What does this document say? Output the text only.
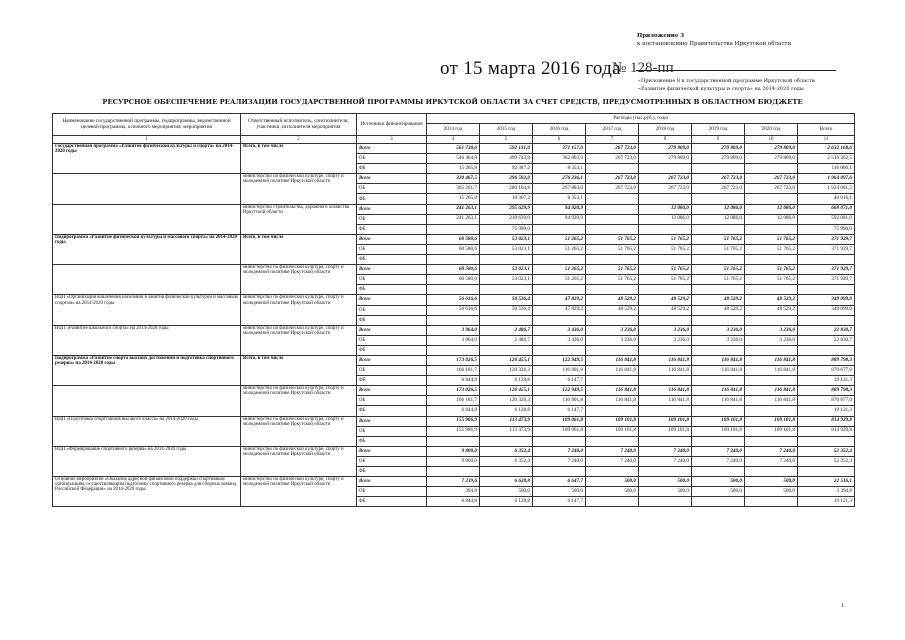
Приложение 3
к постановлению Правительства Иркутской области
от 15 марта 2016 года
№ 128-пп
«Приложение 8 к государственной программе Иркутской области
«Развитие физической культуры и спорта» на 2014-2020 годы
РЕСУРСНОЕ ОБЕСПЕЧЕНИЕ РЕАЛИЗАЦИИ ГОСУДАРСТВЕННОЙ ПРОГРАММЫ ИРКУТСКОЙ ОБЛАСТИ ЗА СЧЕТ СРЕДСТВ, ПРЕДУСМОТРЕННЫХ В ОБЛАСТНОМ БЮДЖЕТЕ
Наименование государственной программы, подпрограммы, ведомственной целевой программы, основного мероприятия, мероприятия	Ответственный исполнитель, соисполнители, участники, исполнители мероприятия	Источники финансирования	Расходы (тыс.руб.), годы							
			2014 год	2015 год	2016 год	2017 год	2018 год	2019 год	2020 год	Всего
1	2	3	4	5	6	7	8	9	10	11
Государственная программа «Развитие физической культуры и спорта» на 2014-2020 годы	Всего, в том числе	Всего	561 730,6	592 131,0	371 157,0	267 723,0	279 809,0	279 809,0	279 809,0	2 632 168,6
		ОБ	546 464,8	499 743,8	362 803,9	267 723,0	279 809,0	279 809,0	279 809,0	2 516 362,5
		ФБ	15 265,8	92 387,2	8 353,1					116 006,1
	министерство по физической культуре, спорту и молодежной политике Иркутской области	Всего	320 467,5	296 592,0	276 236,1	267 723,0	267 723,0	267 723,0	267 723,0	1 964 097,6
		ОБ	305 201,7	280 104,8	267 883,0	267 723,0	267 723,0	267 723,0	267 723,0	1 924 081,5
		ФБ	15 265,8	16 307,2	8 353,1					40 016,1
	министерство строительства, дорожного хозяйства Иркутской области	Всего	241 263,1	295 629,9	94 920,9		12 086,0	12 086,0	12 086,0	668 071,0
		ОБ	241 263,1	219 639,0	94 920,9		12 086,0	12 086,0	12 086,0	592 081,0
		ФБ		75 990,0						75 990,0
Подпрограмма «Развитие физической культуры и массового спорта» на 2014-2020 годы	Всего, в том числе	Всего	60 580,6	53 023,1	51 265,2	51 765,2	51 765,2	51 765,2	51 765,2	371 929,7
		ОБ	60 580,6	53 023,1	51 265,2	51 765,2	51 765,2	51 765,2	51 765,2	371 929,7
		ФБ								
	министерство по физической культуре, спорту и молодежной политике Иркутской области	Всего	60 580,6	53 023,1	51 265,2	51 765,2	51 765,2	51 765,2	51 765,2	371 929,7
		ОБ	60 580,6	53 023,1	51 265,2	51 765,2	51 765,2	51 765,2	51 765,2	371 929,7
		ФБ								
ВЦП «Организация вовлечения населения в занятия физической культурой и массовым спортом» на 2014-2020 годы	министерство по физической культуре, спорту и молодежной политике Иркутской области	Всего	56 616,6	50 536,4	47 829,2	48 529,2	48 529,2	48 529,2	48 529,2	349 099,0
		ОБ	56 616,6	50 536,4	47 829,2	48 529,2	48 529,2	48 529,2	48 529,2	349 099,0
		ФБ								
ВЦП «Развитие школьного спорта» на 2014-2020 годы	министерство по физической культуре, спорту и молодежной политике Иркутской области	Всего	3 964,0	2 486,7	3 436,0	3 236,0	3 236,0	3 236,0	3 236,0	22 830,7
		ОБ	3 964,0	2 486,7	3 436,0	3 236,0	3 236,0	3 236,0	3 236,0	22 830,7
		ФБ								
Подпрограмма «Развитие спорта высших достижений и подготовка спортивного резерва» на 2014-2020 годы	Всего, в том числе	Всего	173 026,5	126 455,1	122 949,5	116 841,8	116 841,8	116 841,8	116 841,8	889 798,3
		ОБ	166 181,7	120 326,3	116 801,8	116 841,8	116 841,8	116 841,8	116 841,8	870 677,0
		ФБ	6 844,8	6 128,8	6 147,7					19 121,3
	министерство по физической культуре, спорту и молодежной политике Иркутской области	Всего	173 026,5	126 455,1	122 949,5	116 841,8	116 841,8	116 841,8	116 841,8	889 798,3
		ОБ	166 181,7	120 326,3	116 801,8	116 841,8	116 841,8	116 841,8	116 841,8	870 677,0
		ФБ	6 844,8	6 128,8	6 147,7					19 121,3
ВЦП «Подготовка спортсменов высокого класса» на 2014-2020 годы	министерство по физической культуре, спорту и молодежной политике Иркутской области	Всего	155 986,9	113 473,9	109 061,8	109 101,8	109 101,8	109 101,8	109 101,8	814 929,8
		ОБ	155 986,9	113 473,9	109 061,8	109 101,8	109 101,8	109 101,8	109 101,8	814 929,8
		ФБ								
ВЦП «Формирование спортивного резерва» на 2014-2020 годы	министерство по физической культуре, спорту и молодежной политике Иркутской области	Всего	9 800,0	6 352,4	7 240,0	7 240,0	7 240,0	7 240,0	7 240,0	52 352,4
		ОБ	9 800,0	6 352,4	7 240,0	7 240,0	7 240,0	7 240,0	7 240,0	52 352,4
		ФБ								
Основное мероприятие «Оказание адресной финансовой поддержки спортивным организациям, осуществляющим подготовку спортивного резерва для сборных команд Российской Федерации» на 2014-2020 годы	министерство по физической культуре, спорту и молодежной политике Иркутской области	Всего	7 239,6	6 628,8	6 647,7	500,0	500,0	500,0	500,0	22 516,1
		ОБ	394,8	500,0	500,0	500,0	500,0	500,0	500,0	3 394,8
		ФБ	6 844,8	6 128,8	6 147,7					19 121,3
1
